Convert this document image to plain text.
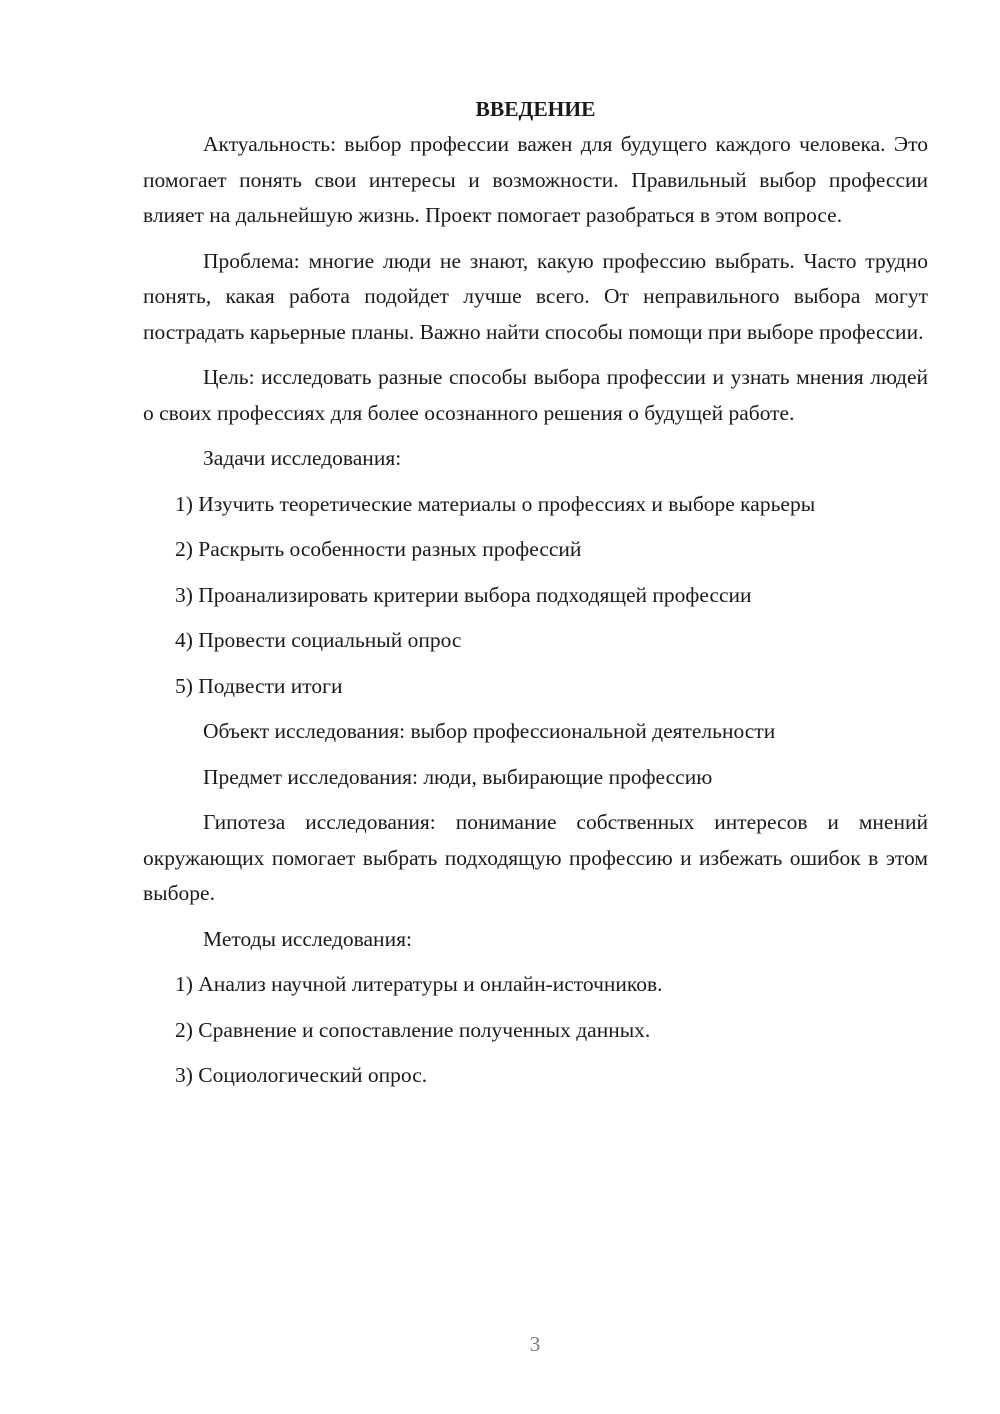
ВВЕДЕНИЕ

Актуальность: выбор профессии важен для будущего каждого человека. Это помогает понять свои интересы и возможности. Правильный выбор профессии влияет на дальнейшую жизнь. Проект помогает разобраться в этом вопросе.

Проблема: многие люди не знают, какую профессию выбрать. Часто трудно понять, какая работа подойдет лучше всего. От неправильного выбора могут пострадать карьерные планы. Важно найти способы помощи при выборе профессии.

Цель: исследовать разные способы выбора профессии и узнать мнения людей о своих профессиях для более осознанного решения о будущей работе.

Задачи исследования:

1) Изучить теоретические материалы о профессиях и выборе карьеры

2) Раскрыть особенности разных профессий

3) Проанализировать критерии выбора подходящей профессии

4) Провести социальный опрос

5) Подвести итоги

Объект исследования: выбор профессиональной деятельности

Предмет исследования: люди, выбирающие профессию

Гипотеза исследования: понимание собственных интересов и мнений окружающих помогает выбрать подходящую профессию и избежать ошибок в этом выборе.

Методы исследования:

1) Анализ научной литературы и онлайн-источников.

2) Сравнение и сопоставление полученных данных.

3) Социологический опрос.

3
